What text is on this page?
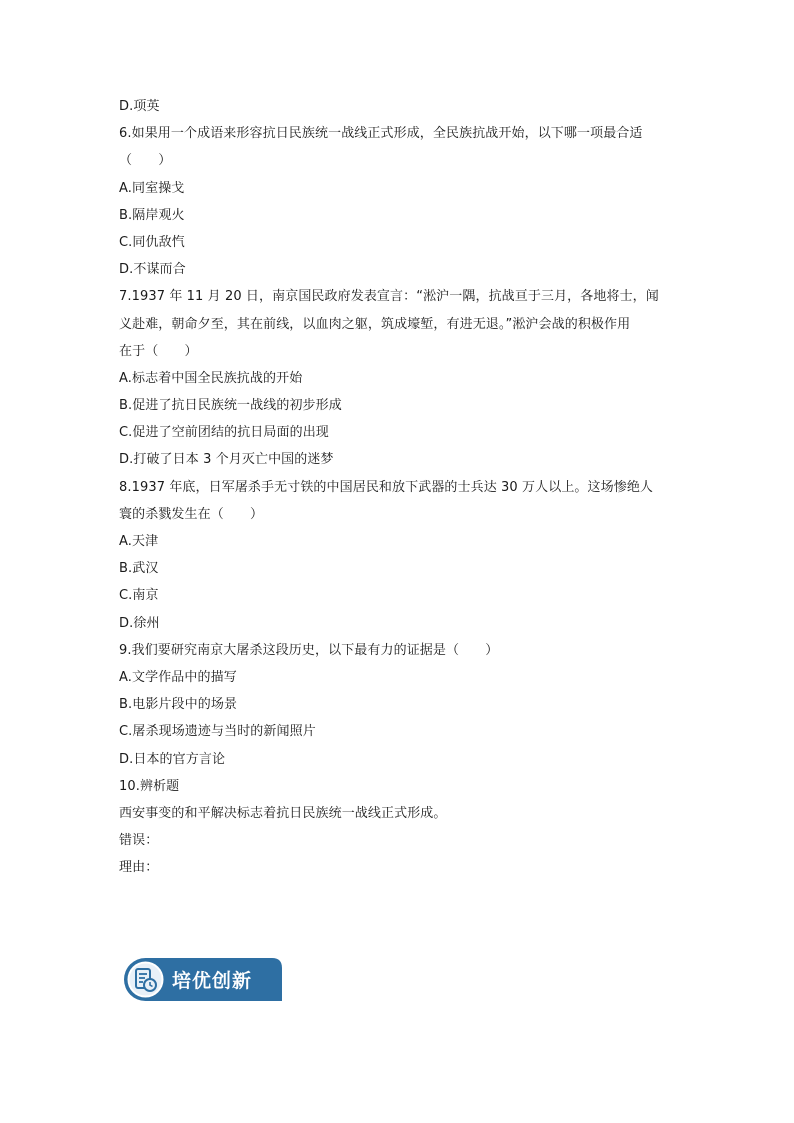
D.项英
6.如果用一个成语来形容抗日民族统一战线正式形成，全民族抗战开始，以下哪一项最合适
（　　）
A.同室操戈
B.隔岸观火
C.同仇敌忾
D.不谋而合
7.1937 年 11 月 20 日，南京国民政府发表宣言：“淞沪一隅，抗战亘于三月，各地将士，闻
义赴难，朝命夕至，其在前线，以血肉之躯，筑成壕堑，有进无退。”淞沪会战的积极作用
在于（　　）
A.标志着中国全民族抗战的开始
B.促进了抗日民族统一战线的初步形成
C.促进了空前团结的抗日局面的出现
D.打破了日本 3 个月灭亡中国的迷梦
8.1937 年底，日军屠杀手无寸铁的中国居民和放下武器的士兵达 30 万人以上。这场惨绝人
寰的杀戮发生在（　　）
A.天津
B.武汉
C.南京
D.徐州
9.我们要研究南京大屠杀这段历史，以下最有力的证据是（　　）
A.文学作品中的描写
B.电影片段中的场景
C.屠杀现场遗迹与当时的新闻照片
D.日本的官方言论
10.辨析题
西安事变的和平解决标志着抗日民族统一战线正式形成。
错误：
理由：
培优创新
